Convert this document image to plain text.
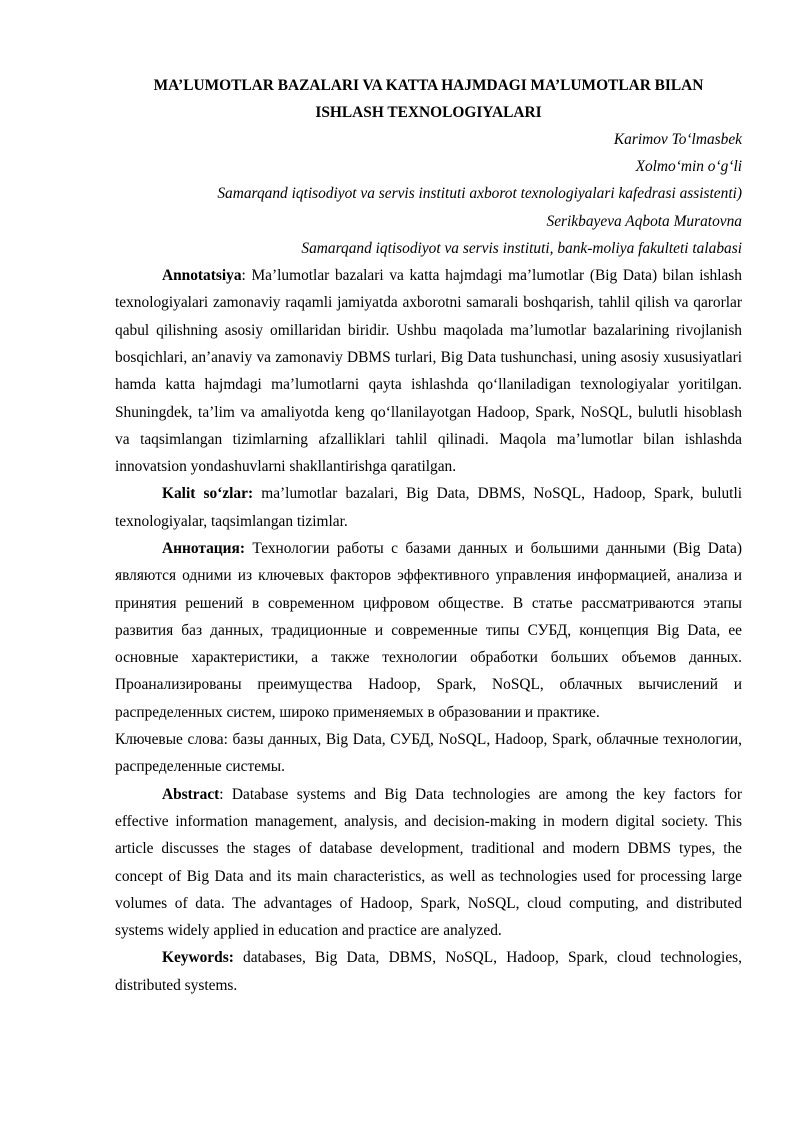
MA’LUMOTLAR BAZALARI VA KATTA HAJMDAGI MA’LUMOTLAR BILAN
ISHLASH TEXNOLOGIYALARI
Karimov To‘lmasbek
Xolmo‘min o‘g‘li
Samarqand iqtisodiyot va servis instituti axborot texnologiyalari kafedrasi assistenti)
Serikbayeva Aqbota Muratovna
Samarqand iqtisodiyot va servis instituti, bank-moliya fakulteti talabasi

Annotatsiya: Ma’lumotlar bazalari va katta hajmdagi ma’lumotlar (Big Data) bilan ishlash texnologiyalari zamonaviy raqamli jamiyatda axborotni samarali boshqarish, tahlil qilish va qarorlar qabul qilishning asosiy omillaridan biridir. Ushbu maqolada ma’lumotlar bazalarining rivojlanish bosqichlari, an’anaviy va zamonaviy DBMS turlari, Big Data tushunchasi, uning asosiy xususiyatlari hamda katta hajmdagi ma’lumotlarni qayta ishlashda qo‘llaniladigan texnologiyalar yoritilgan. Shuningdek, ta’lim va amaliyotda keng qo‘llanilayotgan Hadoop, Spark, NoSQL, bulutli hisoblash va taqsimlangan tizimlarning afzalliklari tahlil qilinadi. Maqola ma’lumotlar bilan ishlashda innovatsion yondashuvlarni shakllantirishga qaratilgan.

Kalit so‘zlar: ma’lumotlar bazalari, Big Data, DBMS, NoSQL, Hadoop, Spark, bulutli texnologiyalar, taqsimlangan tizimlar.

Аннотация: Технологии работы с базами данных и большими данными (Big Data) являются одними из ключевых факторов эффективного управления информацией, анализа и принятия решений в современном цифровом обществе. В статье рассматриваются этапы развития баз данных, традиционные и современные типы СУБД, концепция Big Data, ее основные характеристики, а также технологии обработки больших объемов данных. Проанализированы преимущества Hadoop, Spark, NoSQL, облачных вычислений и распределенных систем, широко применяемых в образовании и практике.

Ключевые слова: базы данных, Big Data, СУБД, NoSQL, Hadoop, Spark, облачные технологии, распределенные системы.

Abstract: Database systems and Big Data technologies are among the key factors for effective information management, analysis, and decision-making in modern digital society. This article discusses the stages of database development, traditional and modern DBMS types, the concept of Big Data and its main characteristics, as well as technologies used for processing large volumes of data. The advantages of Hadoop, Spark, NoSQL, cloud computing, and distributed systems widely applied in education and practice are analyzed.

Keywords: databases, Big Data, DBMS, NoSQL, Hadoop, Spark, cloud technologies, distributed systems.
